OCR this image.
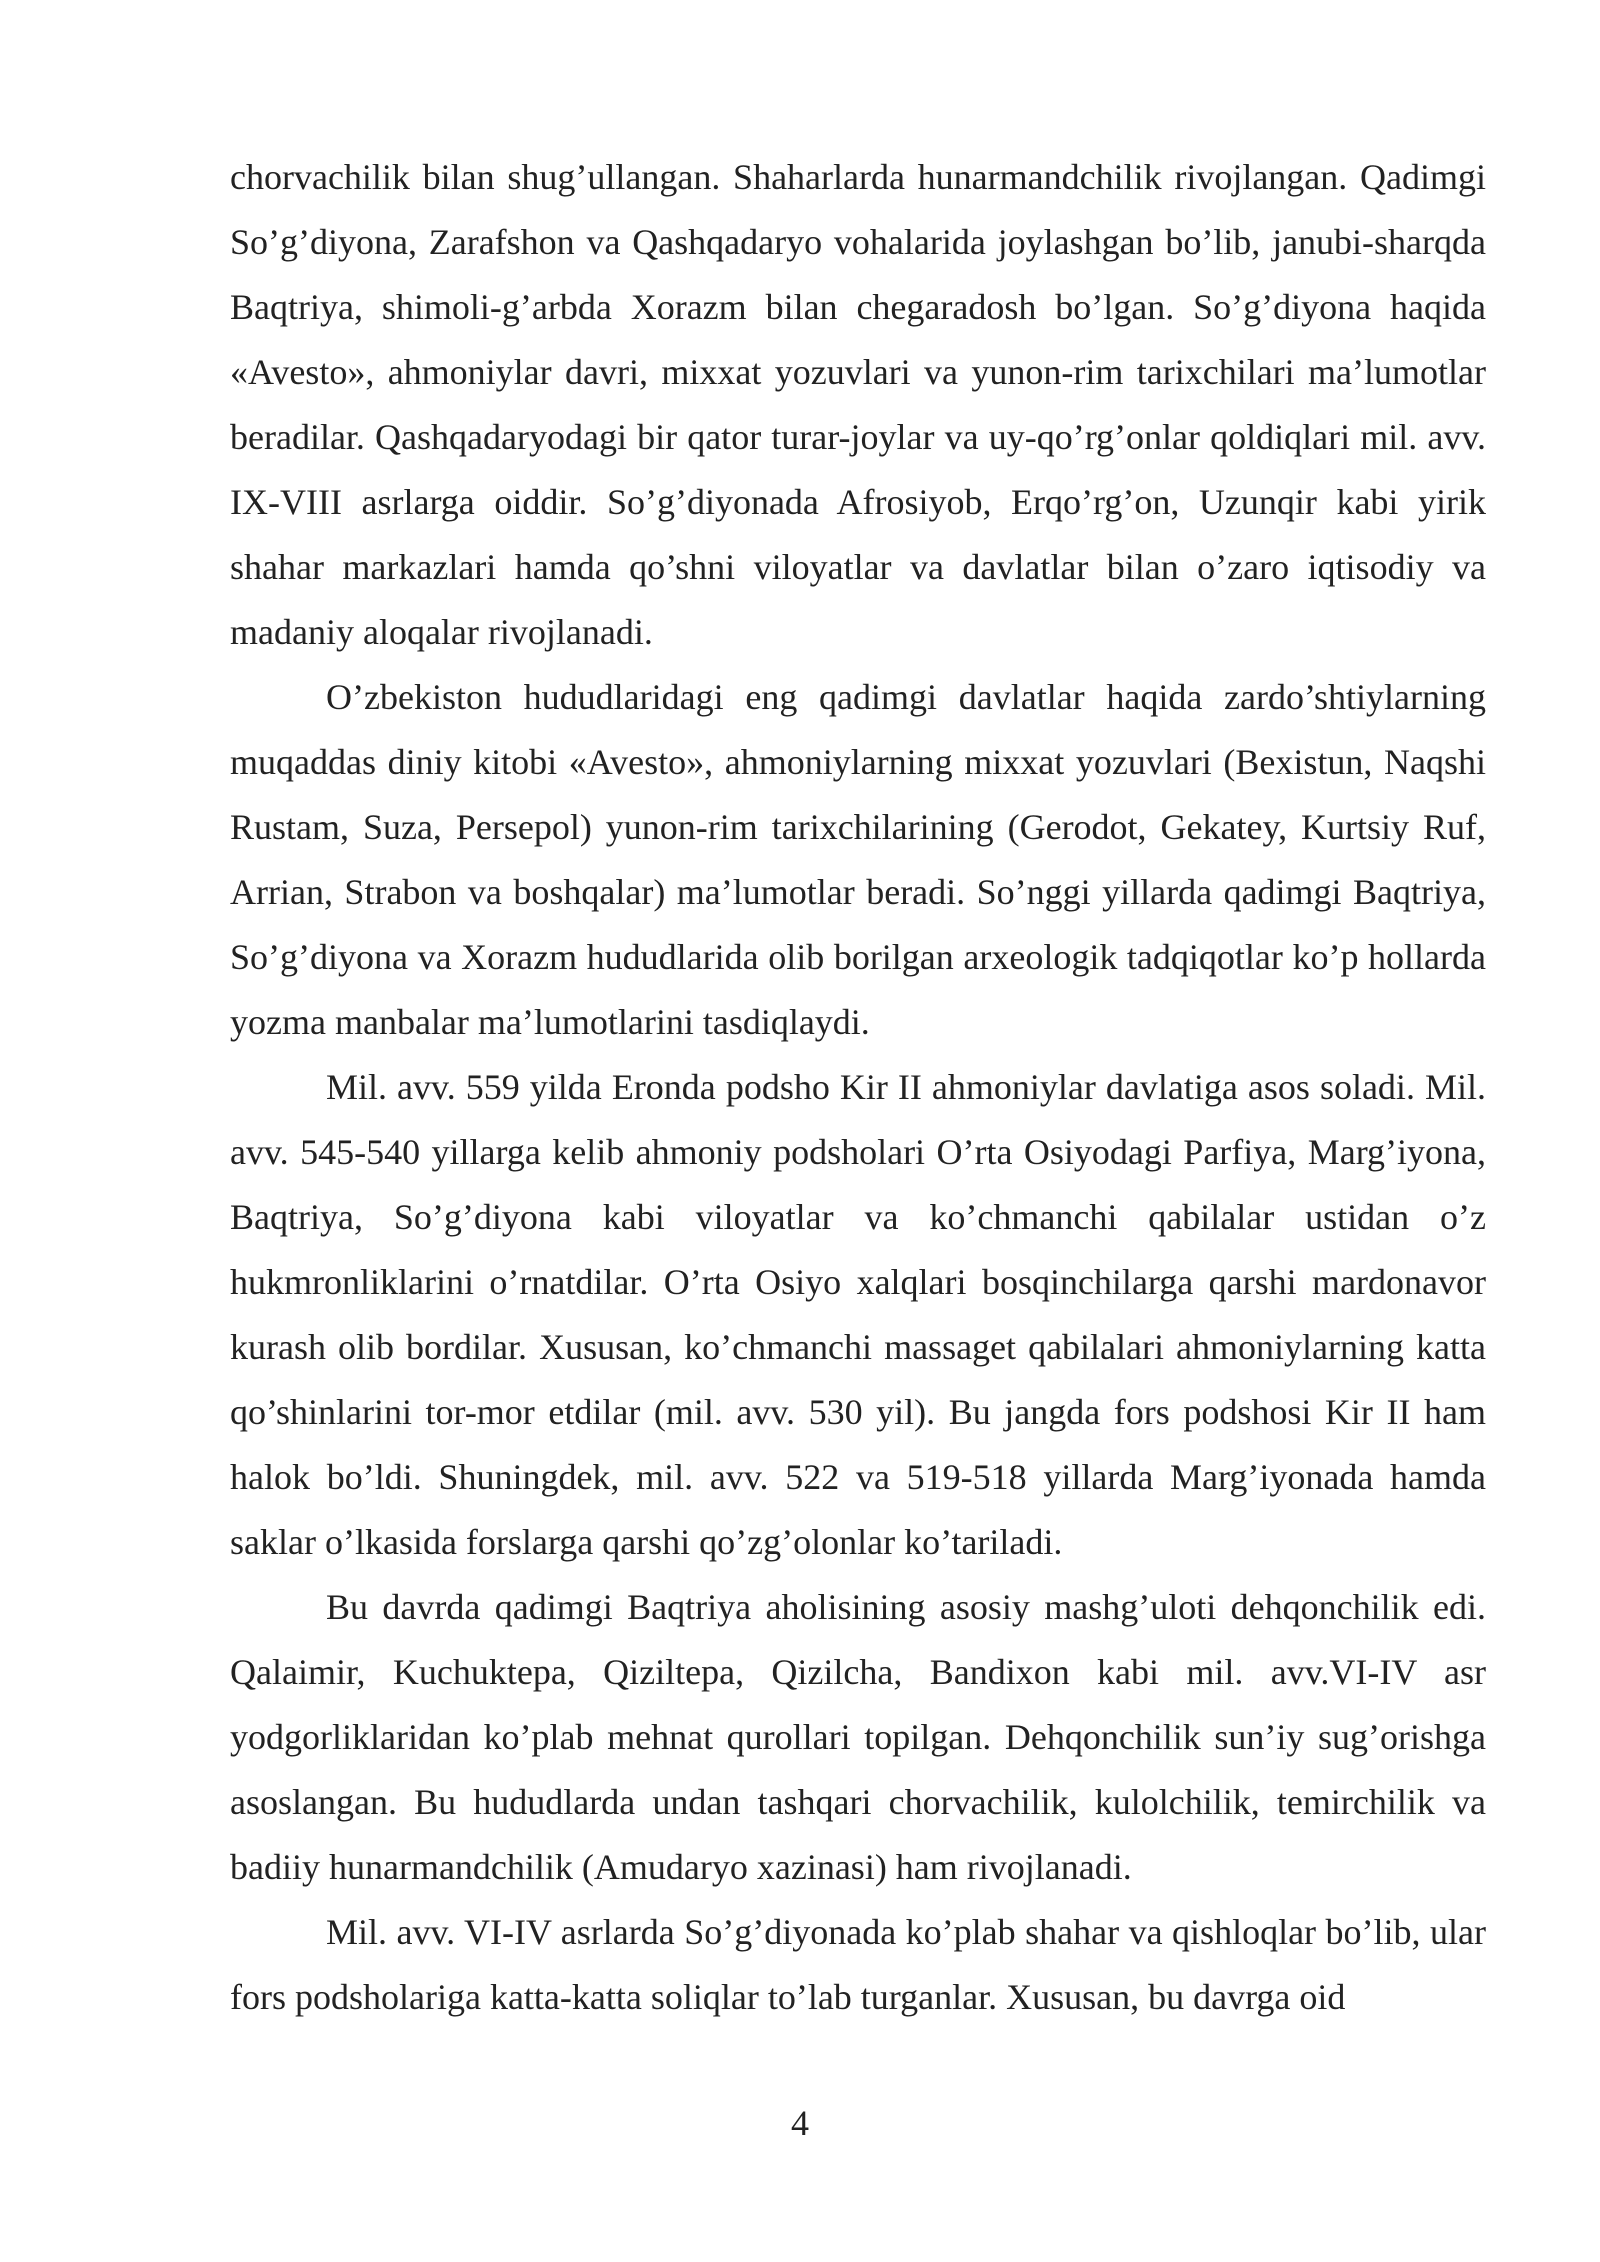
chorvachilik bilan shug’ullangan. Shaharlarda hunarmandchilik rivojlangan. Qadimgi So’g’diyona, Zarafshon va Qashqadaryo vohalarida joylashgan bo’lib, janubi-sharqda Baqtriya, shimoli-g’arbda Xorazm bilan chegaradosh bo’lgan. So’g’diyona haqida «Avesto», ahmoniylar davri, mixxat yozuvlari va yunon-rim tarixchilari ma’lumotlar beradilar. Qashqadaryodagi bir qator turar-joylar va uy-qo’rg’onlar qoldiqlari mil. avv. IX-VIII asrlarga oiddir. So’g’diyonada Afrosiyob, Erqo’rg’on, Uzunqir kabi yirik shahar markazlari hamda qo’shni viloyatlar va davlatlar bilan o’zaro iqtisodiy va madaniy aloqalar rivojlanadi.

O’zbekiston hududlaridagi eng qadimgi davlatlar haqida zardo’shtiylarning muqaddas diniy kitobi «Avesto», ahmoniylarning mixxat yozuvlari (Bexistun, Naqshi Rustam, Suza, Persepol) yunon-rim tarixchilarining (Gerodot, Gekatey, Kurtsiy Ruf, Arrian, Strabon va boshqalar) ma’lumotlar beradi. So’nggi yillarda qadimgi Baqtriya, So’g’diyona va Xorazm hududlarida olib borilgan arxeologik tadqiqotlar ko’p hollarda yozma manbalar ma’lumotlarini tasdiqlaydi.

Mil. avv. 559 yilda Eronda podsho Kir II ahmoniylar davlatiga asos soladi. Mil. avv. 545-540 yillarga kelib ahmoniy podsholari O’rta Osiyodagi Parfiya, Marg’iyona, Baqtriya, So’g’diyona kabi viloyatlar va ko’chmanchi qabilalar ustidan o’z hukmronliklarini o’rnatdilar. O’rta Osiyo xalqlari bosqinchilarga qarshi mardonavor kurash olib bordilar. Xususan, ko’chmanchi massaget qabilalari ahmoniylarning katta qo’shinlarini tor-mor etdilar (mil. avv. 530 yil). Bu jangda fors podshosi Kir II ham halok bo’ldi. Shuningdek, mil. avv. 522 va 519-518 yillarda Marg’iyonada hamda saklar o’lkasida forslarga qarshi qo’zg’olonlar ko’tariladi.

Bu davrda qadimgi Baqtriya aholisining asosiy mashg’uloti dehqonchilik edi. Qalaimir, Kuchuktepa, Qiziltepa, Qizilcha, Bandixon kabi mil. avv.VI-IV asr yodgorliklaridan ko’plab mehnat qurollari topilgan. Dehqonchilik sun’iy sug’orishga asoslangan. Bu hududlarda undan tashqari chorvachilik, kulolchilik, temirchilik va badiiy hunarmandchilik (Amudaryo xazinasi) ham rivojlanadi.

Mil. avv. VI-IV asrlarda So’g’diyonada ko’plab shahar va qishloqlar bo’lib, ular fors podsholariga katta-katta soliqlar to’lab turganlar. Xususan, bu davrga oid

4
